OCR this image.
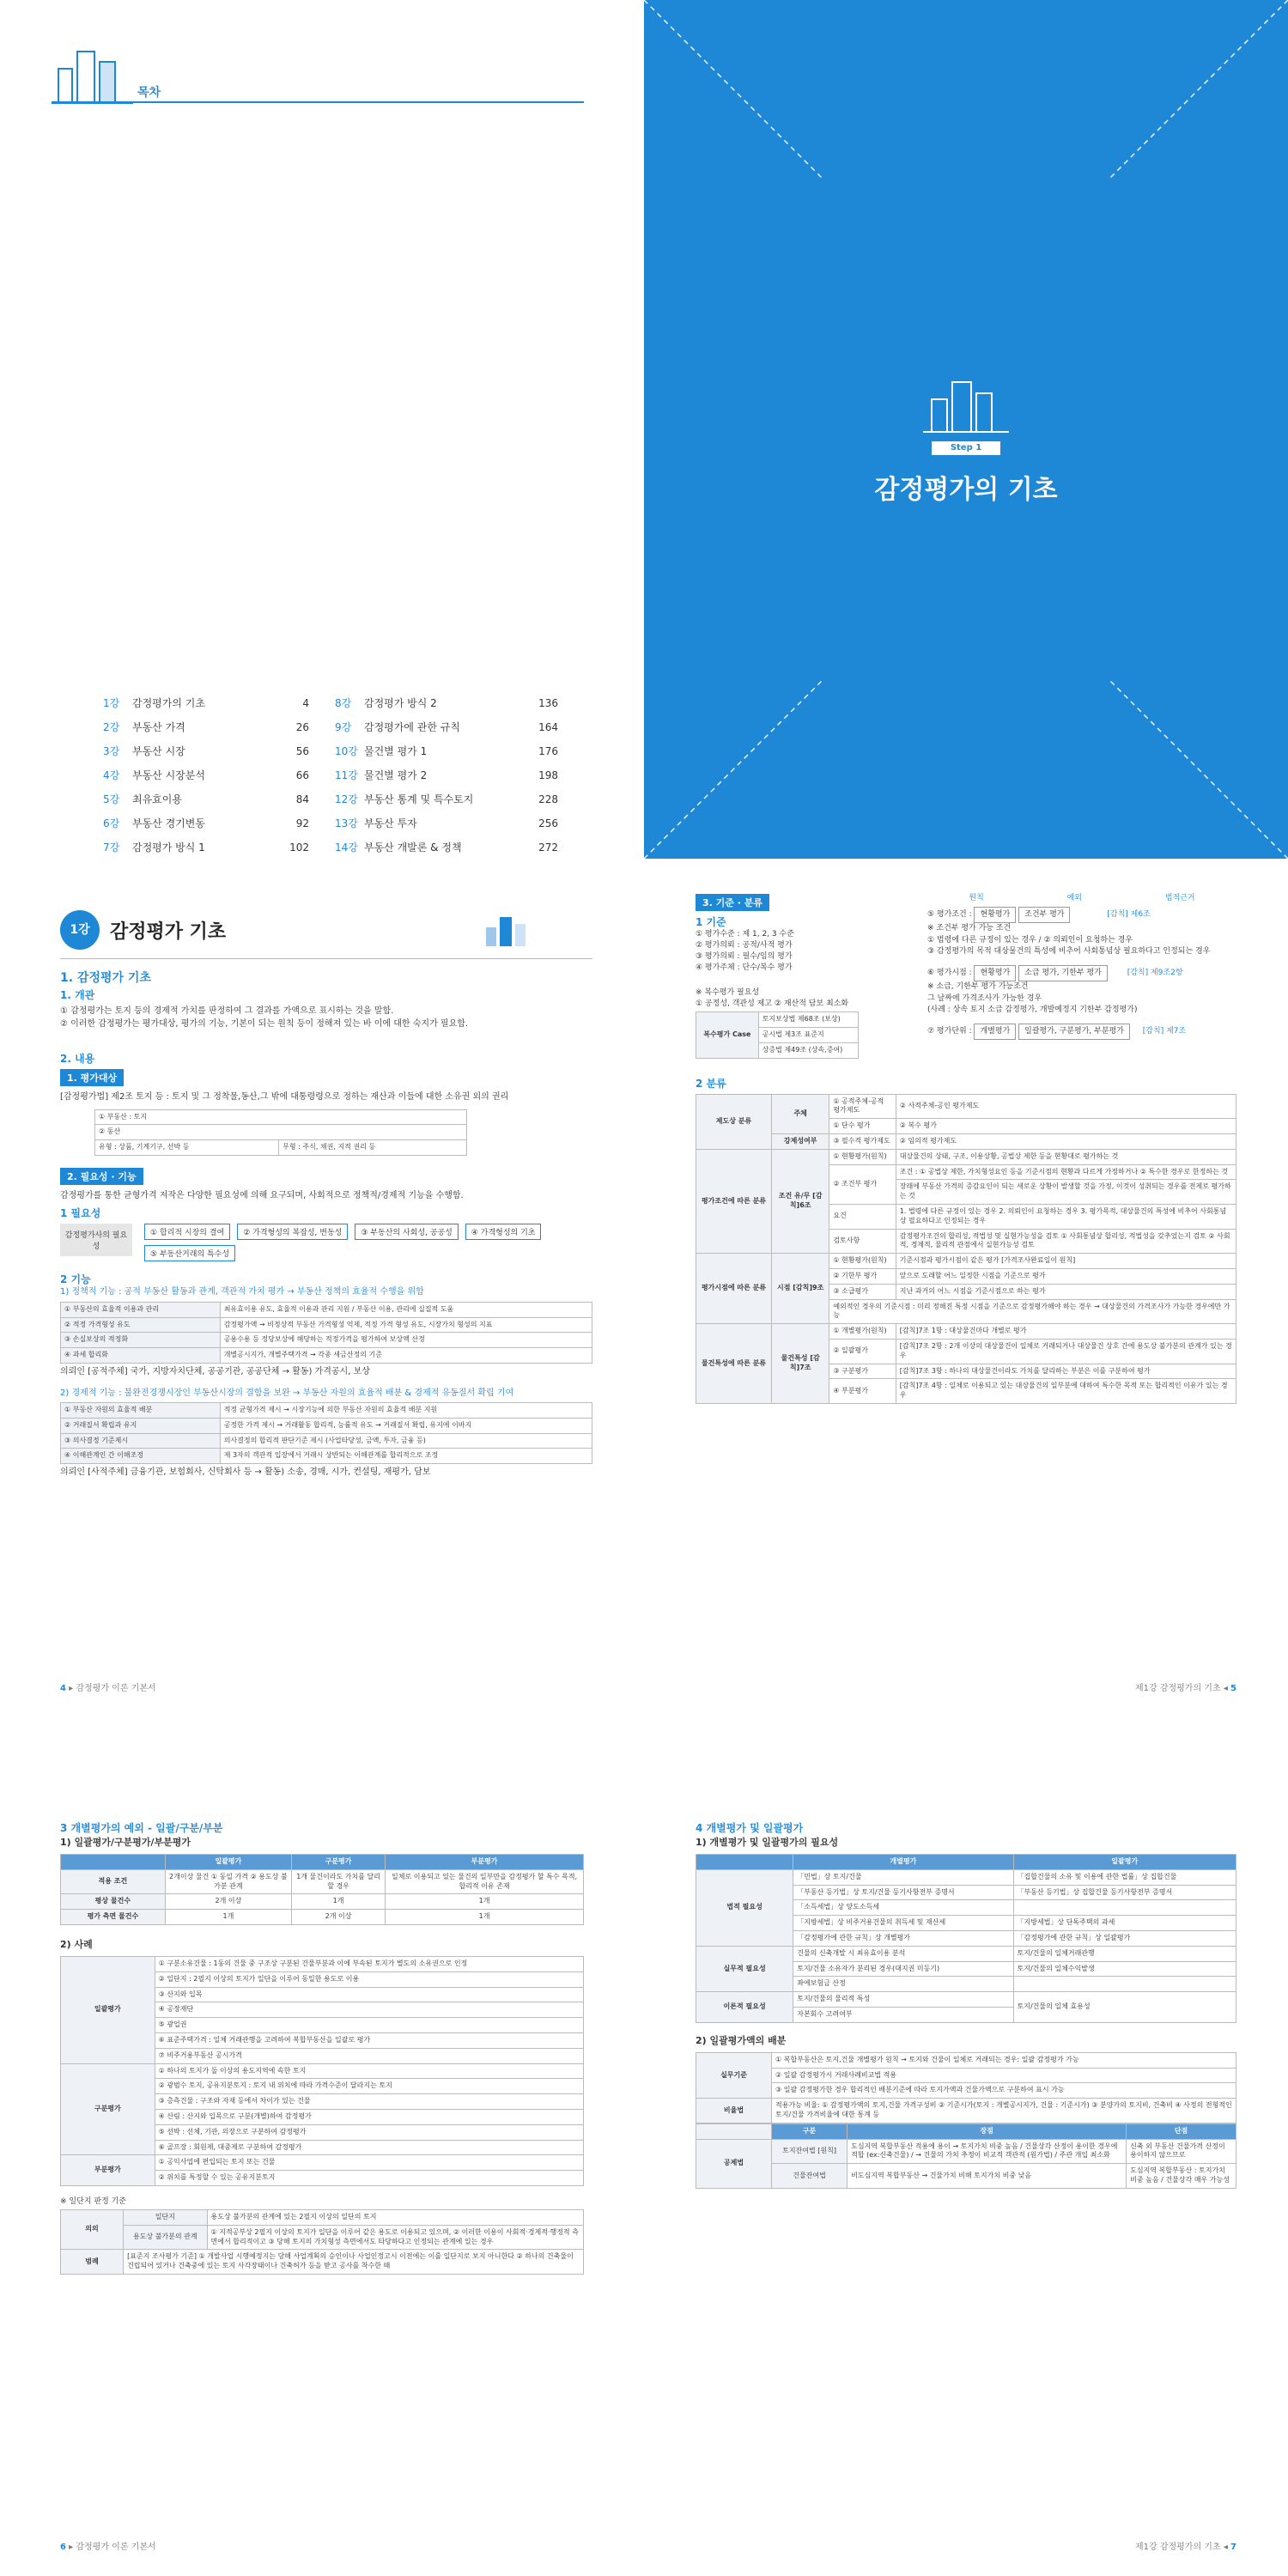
목차
1강	감정평가의 기초	4
2강	부동산 가격	26
3강	부동산 시장	56
4강	부동산 시장분석	66
5강	최유효이용	84
6강	부동산 경기변동	92
7강	감정평가 방식 1	102
8강	감정평가 방식 2	136
9강	감정평가에 관한 규칙	164
10강 물건별 평가 1	176
11강 물건별 평가 2	198
12강 부동산 통계 및 특수토지	228
13강 부동산 투자	256
14강 부동산 개발론 & 정책	272
Step 1
감정평가의 기초
1강	감정평가 기초
1. 감정평가 기초
1. 개관
① 감정평가는 토지 등의 경제적 가치를 판정하여 그 결과를 가액으로 표시하는 것을 말함.
② 이러한 감정평가는 평가대상, 평가의 기능, 기본이 되는 원칙 등이 정해져 있는 바 이에 대한 숙지가 필요함.
2. 내용
1. 평가대상
[감정평가법] 제2조 토지 등 : 토지 및 그 정착물,동산,그 밖에 대통령령으로 정하는 재산과 이들에 대한 소유권 외의 권리
① 부동산 : 토지
② 동산
유형 : 상품, 기계기구, 선박 등	무형 : 주식, 채권, 지적 권리 등
2. 필요성 · 기능
감정평가를 통한 균형가격 저작은 다양한 필요성에 의해 요구되며, 사회적으로 정책적/경제적 기능을 수행함.
1 필요성
감정평가사의 필요성
① 합리적 시장의 결여	② 가격형성의 복잡성, 변동성	③ 부동산의 사회성, 공공성	④ 가격형성의 기초
⑤ 부동산거래의 특수성
2 기능
1) 정책적 기능 : 공적 부동산 활동과 관계, 객관적 가치 평가 → 부동산 정책의 효율적 수행을 위함
① 부동산의 효율적 이용과 관리	최유효이용 유도, 효율적 이용과 관리 지원 / 부동산 이용, 관리에 실질적 도움
② 적정 가격형성 유도	감정평가액 → 비정상적 부동산 가격형성 억제, 적정 가격 형성 유도, 시장가치 형성의 지표
③ 손실보상의 적정화	공용수용 등 정당보상에 해당하는 적정가격을 평가하여 보상액 산정
④ 과세 합리화	개별공시지가, 개별주택가격 → 각종 세금산정의 기준
의뢰인 [공적주체] 국가, 지방자치단체, 공공기관, 공공단체 → 활동) 가격공시, 보상
2) 경제적 기능 : 불완전경쟁시장인 부동산시장의 결함을 보완 → 부동산 자원의 효율적 배분 & 경제적 유동질서 확립 기여
① 부동산 자원의 효율적 배분	적정 균형가격 제시 → 시장기능에 의한 부동산 자원의 효율적 배분 지원
② 거래질서 확립과 유지	공정한 가격 제시 → 거래활동 합리적, 능률적 유도 → 거래질서 확립, 유지에 이바지
③ 의사결정 기준제시	의사결정의 합리적 판단기준 제시 (사업타당성, 금액, 투자, 금융 등)
④ 이해관계인 간 이해조정	제 3자의 객관적 입장에서 거래시 상반되는 이해관계를 합리적으로 조정
의뢰인 [사적주체] 금융기관, 보험회사, 신탁회사 등 → 활동) 소송, 경매, 시가, 컨설팅, 재평가, 담보
4 ▸ 감정평가 이론 기본서
3. 기준 · 분류
1 기준
① 평가수준 : 제 1, 2, 3 수준
② 평가의뢰 : 공적/사적 평가
③ 평가의뢰 : 필수/임의 평가
④ 평가주체 : 단수/복수 평가
※ 복수평가 필요성
① 공정성, 객관성 제고 ② 재산적 담보 최소화
복수평가 Case	토지보상법 제68조 (보상)
공시법 제3조 표준지
상증법 제49조 (상속,증여)
원칙	예외	법적근거
⑤ 평가조건 : 현황평가 조건부 평가	[감칙] 제6조
※ 조건부 평가 가능 조건
① 법령에 다른 규정이 있는 경우 / ② 의뢰인이 요청하는 경우
③ 감정평가의 목적 대상물건의 특성에 비추어 사회통념상 필요하다고 인정되는 경우
⑥ 평가시점 : 현황평가 소급 평가, 기한부 평가	[감칙] 제9조2항
※ 소급, 기한부 평가 가능조건
그 날짜에 가격조사가 가능한 경우
(사례 : 상속 토지 소급 감정평가, 개발예정지 기한부 감정평가)
⑦ 평가단위 : 개별평가 일괄평가, 구분평가, 부분평가 [감칙] 제7조
2 분류
제도상 분류	주체	① 공적주체-공적 평가제도	② 사적주체-공인 평가제도
		① 단수 평가	② 복수 평가
	강제성여부	③ 필수적 평가제도	② 임의적 평가제도
평가조건에 따른 분류	조건 유/무 [감칙]6조	① 현황평가(원칙)	대상물건의 상태, 구조, 이용상황, 공법상 제한 등을 현황대로 평가하는 것
		② 조건부 평가	조건 : ① 공법상 제한, 가치형성요인 등을 기준시점의 현황과 다르게 가정하거나 ② 특수한 경우로 한정하는 것
			장래에 부동산 가격의 증감요인이 되는 새로운 상황이 발생할 것을 가정, 이것이 성취되는 경우를 전제로 평가하는 것
		요건	1. 법령에 다른 규정이 있는 경우 2. 의뢰인이 요청하는 경우 3. 평가목적, 대상물건의 특성에 비추어 사회통념상 필요하다고 인정되는 경우
		검토사항	감정평가조건의 합리성, 적법성 및 실현가능성을 검토 ① 사회통념상 합리성, 적법성을 갖추었는지 검토 ② 사회적, 경제적, 물리적 관점에서 실현가능성 검토
평가시점에 따른 분류	시점 [감칙]9조	① 현황평가(원칙)	기준시점과 평가시점이 같은 평가 [가격조사완료일이 원칙]
		② 기한부 평가	앞으로 도래할 어느 일정한 시점을 기준으로 평가
		③ 소급평가	지난 과거의 어느 시점을 기준시점으로 하는 평가
		예외적인 경우의 기준시점 : 미리 정해진 특정 시점을 기준으로 감정평가해야 하는 경우 → 대상물건의 가격조사가 가능한 경우에만 가능	
물건특성에 따른 분류	물건특성 [감칙]7조	① 개별평가(원칙)	[감칙]7조 1항 : 대상물건마다 개별로 평가
		② 일괄평가	[감칙]7조 2항 : 2개 이상의 대상물건이 일체로 거래되거나 대상물건 상호 간에 용도상 불가분의 관계가 있는 경우
		③ 구분평가	[감칙]7조 3항 : 하나의 대상물건이라도 가치를 달리하는 부분은 이를 구분하여 평가
		④ 부분평가	[감칙]7조 4항 : 일체로 이용되고 있는 대상물건의 일부분에 대하여 특수한 목적 또는 합리적인 이유가 있는 경우
제1강 감정평가의 기초 ◂ 5
3 개별평가의 예외 - 일괄/구분/부분
1) 일괄평가/구분평가/부분평가
	일괄평가	구분평가	부분평가
적용 조건	2개이상 물건 ① 동일 가격 ② 용도상 불가분 관계	1개 물건이라도 가치를 달리할 경우	일체로 이용되고 있는 물건의 일부만을 감정평가 할 특수 목적,합리적 이유 존재
평상 물건수	2개 이상	1개	1개
평가 측면 물건수	1개	2개 이상	1개
2) 사례
일괄평가	① 구분소유건물 : 1동의 건물 중 구조상 구분된 건물부분과 이에 부속된 토지가 별도의 소유권으로 인정
	② 일단지 : 2필지 이상의 토지가 일단을 이루어 동일한 용도로 이용
	③ 산지와 입목
	④ 공장재단
	⑤ 광업권
	⑥ 표준주택가격 : 일체 거래관행을 고려하여 복합부동산을 일괄로 평가
	⑦ 비주거용부동산 공시가격
구분평가	① 하나의 토지가 둘 이상의 용도지역에 속한 토지
	② 광범수 토지, 공유지분토지 : 토지 내 위치에 따라 가격수준이 달라지는 토지
	③ 층측건물 : 구조와 자재 등에서 차이가 있는 건물
	④ 산림 : 산지와 입목으로 구분(개별)하여 감정평가
	⑤ 선박 : 선체, 기관, 의장으로 구분하여 감정평가
	⑥ 골프장 : 회원제, 대중제로 구분하여 감정평가
부분평가	① 공익사업에 편입되는 토지 또는 건물
	② 위치를 특정할 수 있는 공유지분토지
※ 일단지 판정 기준
의의	일단지	용도상 불가분의 관계에 있는 2필지 이상의 일단의 토지
	용도상 불가분의 관계	① 지적공부상 2필지 이상의 토지가 일단을 이루어 같은 용도로 이용되고 있으며, ② 이러한 이용이 사회적·경제적·행정적 측면에서 합리적이고 ③ 당해 토지의 가치형성 측면에서도 타당하다고 인정되는 관계에 있는 경우
범례	[표준지 조사평가 기준] ① 개발사업 시행예정지는 당해 사업계획의 승인이나 사업인정고시 이전에는 이를 일단지로 보지 아니한다 ② 하나의 건축물이 건립되어 있거나 건축중에 있는 토지 사각장태이나 건축허가 등을 받고 공사를 착수한 때	
6 ▸ 감정평가 이론 기본서
4 개별평가 및 일괄평가
1) 개별평가 및 일괄평가의 필요성
	개별평가	일괄평가
법적 필요성	「민법」상 토지/건물	「집합건물의 소유 및 이용에 관한 법률」상 집합건물
	「부동산 등기법」상 토지/건물 등기사항전부 증명서	「부동산 등기법」상 집합건물 등기사항전부 증명서
	「소득세법」상 양도소득세	
	「지방세법」상 비주거용건물의 취득세 및 재산세	「지방세법」상 단독주택의 과세
	「감정평가에 관한 규칙」상 개별평가	「감정평가에 관한 규칙」상 일괄평가
실무적 필요성	건물의 신축개발 시 최유효이용 분석	토지/건물의 일체거래관행
	토지/건물 소유자가 분리된 경우(대지권 미등기)	토지/건물의 일체수익발생
	좌에보험금 산정	
이론적 필요성	토지/건물의 물리적 특성	토지/건물의 일체 효용성
	자본회수 고려여부	
2) 일괄평가액의 배분
실무기준	① 복합부동산은 토지,건물 개별평가 원칙 → 토지와 건물이 일체로 거래되는 경우: 일괄 감정평가 가능
	② 일괄 감정평가시 거래사례비교법 적용
	③ 일괄 감정평가한 경우 합리적인 배분기준에 따라 토지가액과 건물가액으로 구분하여 표시 가능
비율법	적용가능 비율: ① 감정평가액의 토지,건물 가격구성비 ② 기준시가(토지 : 개별공시지가, 건물 : 기준시가) ③ 분양가의 토지비, 건축비 ④ 사정의 전형적인 토지/건물 가격비율에 대한 통계 등
	구분	장점	단점
공제법	토지잔여법 [원칙]	도심지역 복합부동산 적용에 용이 → 토지가치 비중 높음 / 건물상각 산정이 용이한 경우에 적합 (ex:신축건물) / → 건물의 가치 추정이 비교적 객관적 (원가법) / 주관 개입 최소화	신축 외 부동산 건물가격 산정이 용이하지 않으므로
	건물잔여법	비도심지역 복합부동산 → 건물가치 비해 토지가치 비중 낮음	도심지역 복합부동산 : 토지가치 비중 높음 / 건물상각 매우 가능성
제1강 감정평가의 기초 ◂ 7
